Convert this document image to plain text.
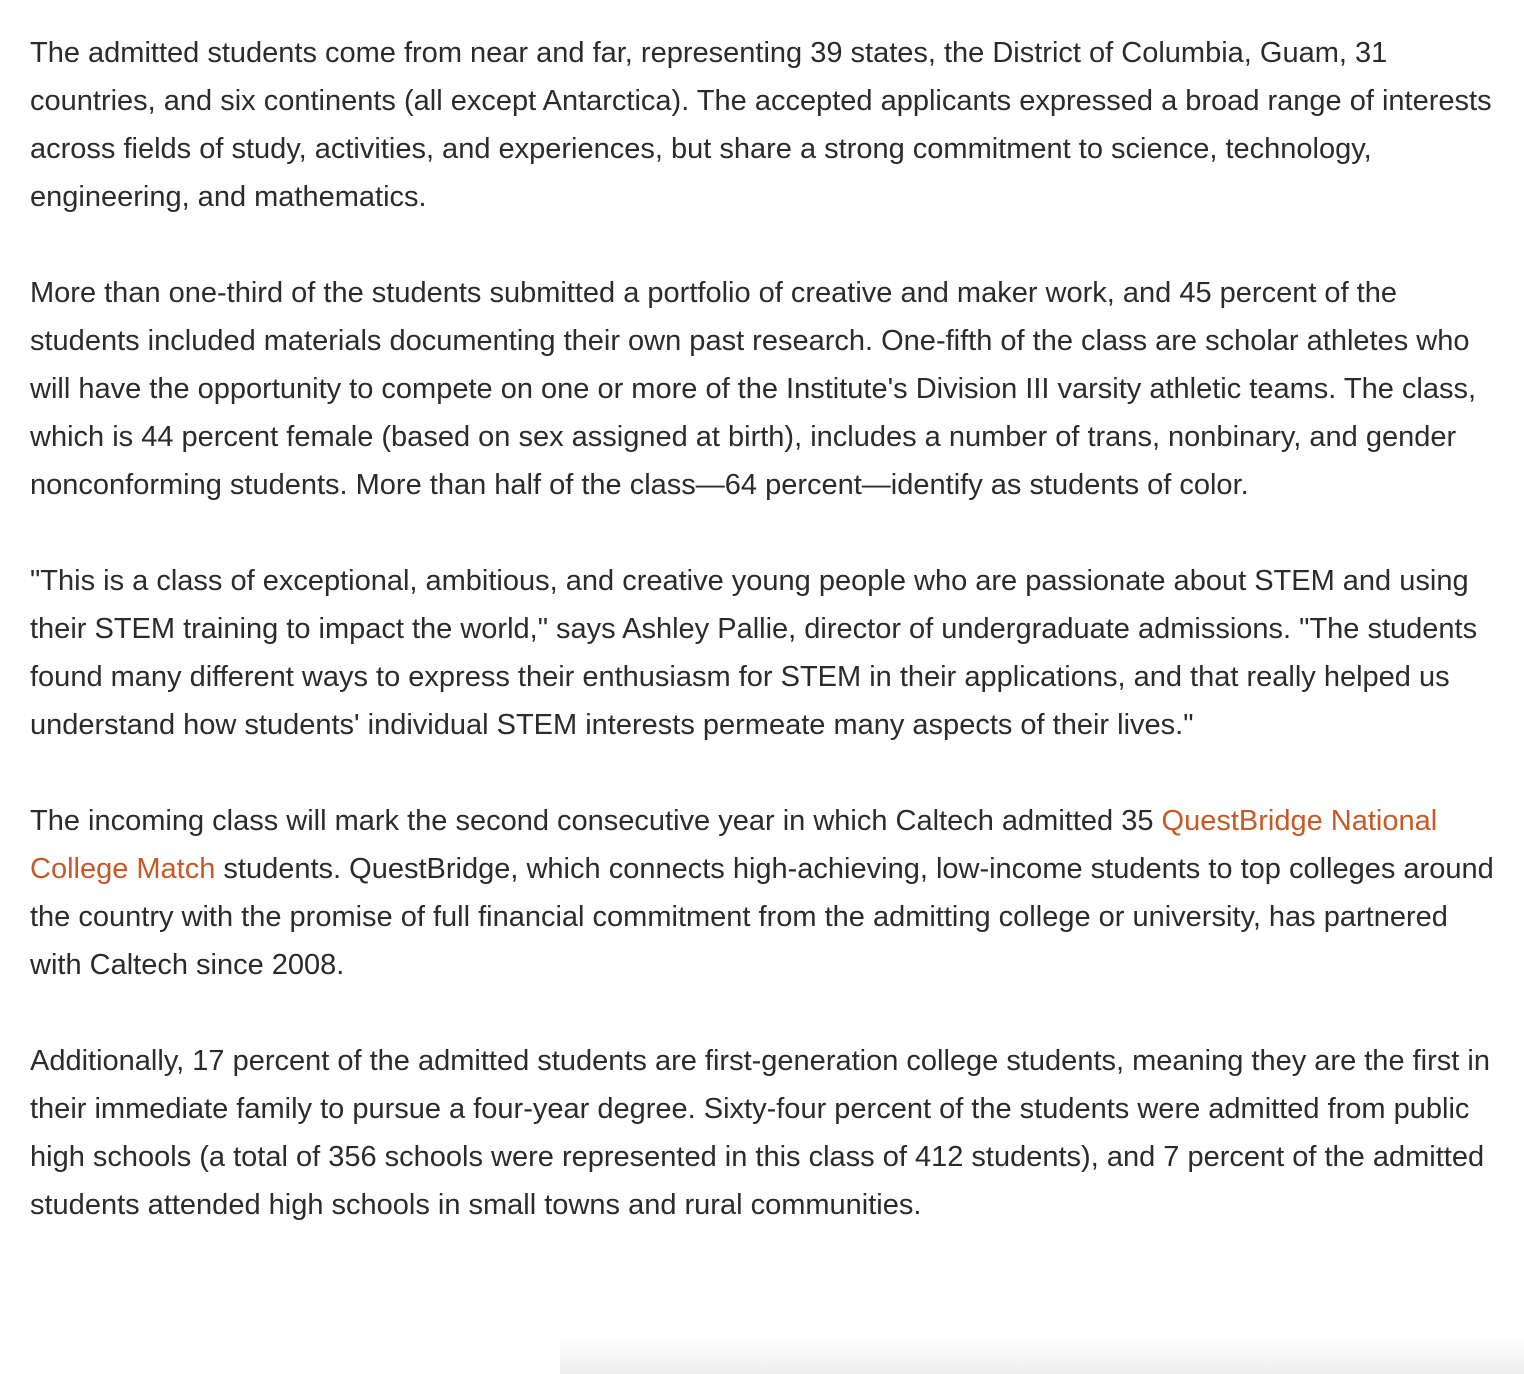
The admitted students come from near and far, representing 39 states, the District of Columbia, Guam, 31 countries, and six continents (all except Antarctica). The accepted applicants expressed a broad range of interests across fields of study, activities, and experiences, but share a strong commitment to science, technology, engineering, and mathematics.

More than one-third of the students submitted a portfolio of creative and maker work, and 45 percent of the students included materials documenting their own past research. One-fifth of the class are scholar athletes who will have the opportunity to compete on one or more of the Institute's Division III varsity athletic teams. The class, which is 44 percent female (based on sex assigned at birth), includes a number of trans, nonbinary, and gender nonconforming students. More than half of the class—64 percent—identify as students of color.

"This is a class of exceptional, ambitious, and creative young people who are passionate about STEM and using their STEM training to impact the world," says Ashley Pallie, director of undergraduate admissions. "The students found many different ways to express their enthusiasm for STEM in their applications, and that really helped us understand how students' individual STEM interests permeate many aspects of their lives."

The incoming class will mark the second consecutive year in which Caltech admitted 35 QuestBridge National College Match students. QuestBridge, which connects high-achieving, low-income students to top colleges around the country with the promise of full financial commitment from the admitting college or university, has partnered with Caltech since 2008.

Additionally, 17 percent of the admitted students are first-generation college students, meaning they are the first in their immediate family to pursue a four-year degree. Sixty-four percent of the students were admitted from public high schools (a total of 356 schools were represented in this class of 412 students), and 7 percent of the admitted students attended high schools in small towns and rural communities.
